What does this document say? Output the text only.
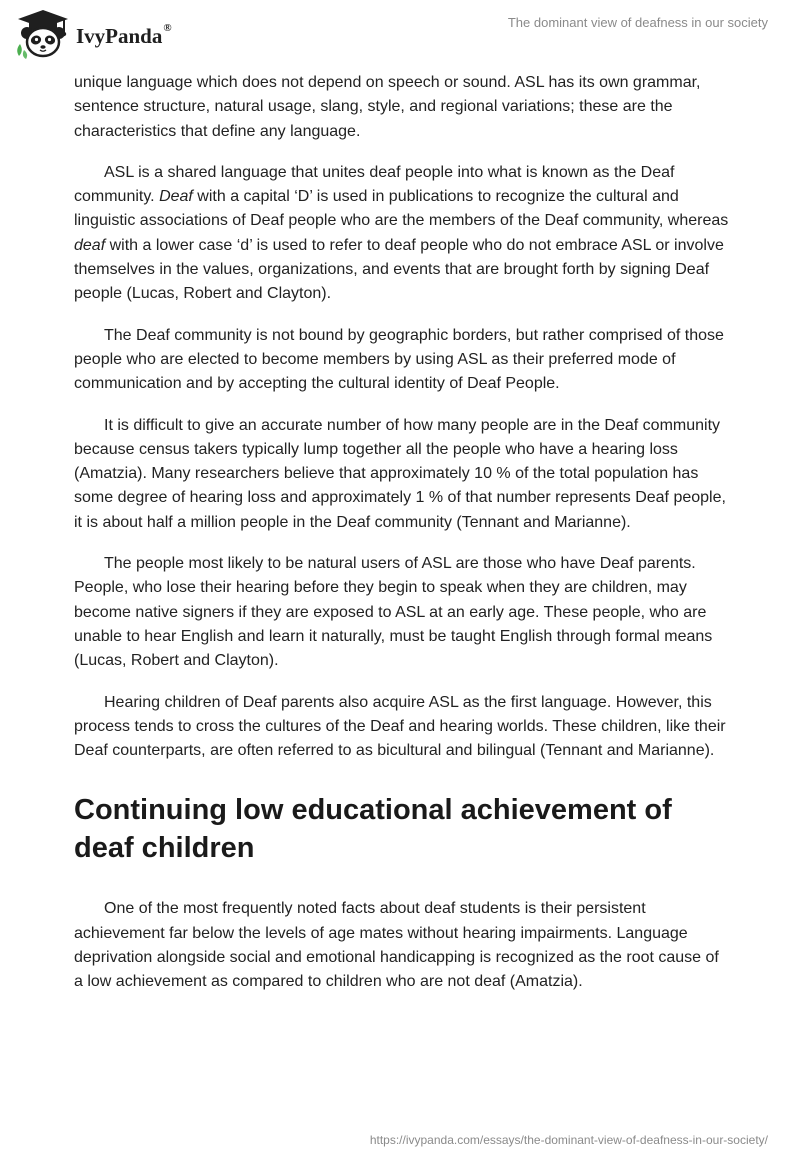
IvyPanda®	The dominant view of deafness in our society

unique language which does not depend on speech or sound. ASL has its own grammar, sentence structure, natural usage, slang, style, and regional variations; these are the characteristics that define any language.

ASL is a shared language that unites deaf people into what is known as the Deaf community. Deaf with a capital ‘D’ is used in publications to recognize the cultural and linguistic associations of Deaf people who are the members of the Deaf community, whereas deaf with a lower case ‘d’ is used to refer to deaf people who do not embrace ASL or involve themselves in the values, organizations, and events that are brought forth by signing Deaf people (Lucas, Robert and Clayton).

The Deaf community is not bound by geographic borders, but rather comprised of those people who are elected to become members by using ASL as their preferred mode of communication and by accepting the cultural identity of Deaf People.

It is difficult to give an accurate number of how many people are in the Deaf community because census takers typically lump together all the people who have a hearing loss (Amatzia). Many researchers believe that approximately 10 % of the total population has some degree of hearing loss and approximately 1 % of that number represents Deaf people, it is about half a million people in the Deaf community (Tennant and Marianne).

The people most likely to be natural users of ASL are those who have Deaf parents. People, who lose their hearing before they begin to speak when they are children, may become native signers if they are exposed to ASL at an early age. These people, who are unable to hear English and learn it naturally, must be taught English through formal means (Lucas, Robert and Clayton).

Hearing children of Deaf parents also acquire ASL as the first language. However, this process tends to cross the cultures of the Deaf and hearing worlds. These children, like their Deaf counterparts, are often referred to as bicultural and bilingual (Tennant and Marianne).

Continuing low educational achievement of deaf children

One of the most frequently noted facts about deaf students is their persistent achievement far below the levels of age mates without hearing impairments. Language deprivation alongside social and emotional handicapping is recognized as the root cause of a low achievement as compared to children who are not deaf (Amatzia).

https://ivypanda.com/essays/the-dominant-view-of-deafness-in-our-society/
